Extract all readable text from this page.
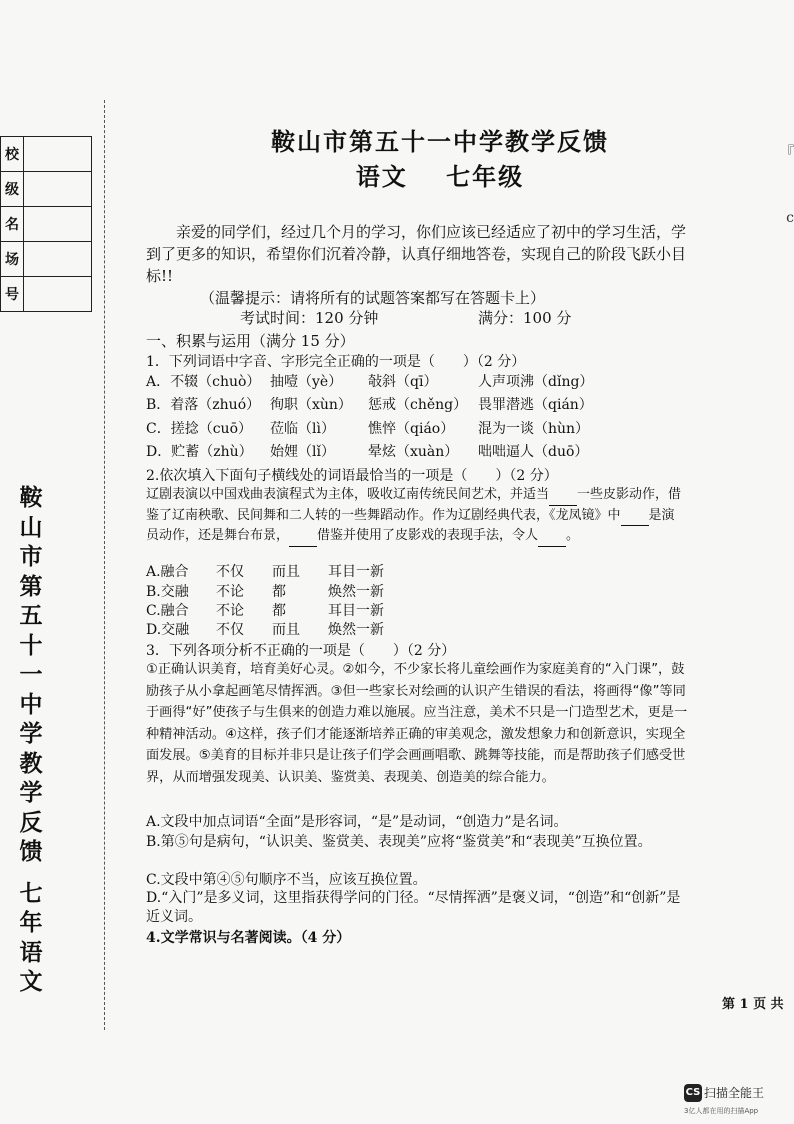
校	
级	
名	
场	
号	
鞍山市第五十一中学教学反馈
七年语文
『
c
鞍山市第五十一中学教学反馈
语文 七年级
亲爱的同学们，经过几个月的学习，你们应该已经适应了初中的学习生活，学到了更多的知识，希望你们沉着冷静，认真仔细地答卷，实现自己的阶段飞跃小目标!!
（温馨提示：请将所有的试题答案都写在答题卡上）
考试时间：120 分钟	满分：100 分
一、积累与运用（满分 15 分）
1．下列词语中字音、字形完全正确的一项是（　　）（2 分）
A．不辍（chuò） 抽噎（yè） 敧斜（qī）	人声项沸（dǐng）
B．着落（zhuó） 徇职（xùn） 惩戒（chěng） 畏罪潜逃（qián）
C．搓捻（cuō） 莅临（lì） 憔悴（qiáo） 混为一谈（hùn）
D．贮蓄（zhù） 始娌（lǐ） 晕炫（xuàn） 咄咄逼人（duō）
2.依次填入下面句子横线处的词语最恰当的一项是（　　）（2 分）
辽剧表演以中国戏曲表演程式为主体，吸收辽南传统民间艺术，并适当 一些皮影动作，借鉴了辽南秧歌、民间舞和二人转的一些舞蹈动作。作为辽剧经典代表，《龙凤镜》中 是演员动作，还是舞台布景， 借鉴并使用了皮影戏的表现手法，令人 。
A.融合 不仅 而且 耳目一新
B.交融 不论 都	焕然一新
C.融合 不论 都	耳目一新
D.交融 不仅 而且 焕然一新
3．下列各项分析不正确的一项是（　　）（2 分）
①正确认识美育，培育美好心灵。②如今，不少家长将儿童绘画作为家庭美育的“入门课”，鼓励孩子从小拿起画笔尽情挥洒。③但一些家长对绘画的认识产生错误的看法，将画得“像”等同于画得“好”使孩子与生俱来的创造力难以施展。应当注意，美术不只是一门造型艺术，更是一种精神活动。④这样，孩子们才能逐渐培养正确的审美观念，激发想象力和创新意识，实现全面发展。⑤美育的目标并非只是让孩子们学会画画唱歌、跳舞等技能，而是帮助孩子们感受世界，从而增强发现美、认识美、鉴赏美、表现美、创造美的综合能力。
A.文段中加点词语“全面”是形容词，“是”是动词，“创造力”是名词。
B.第⑤句是病句，“认识美、鉴赏美、表现美”应将“鉴赏美”和“表现美”互换位置。
C.文段中第④⑤句顺序不当，应该互换位置。
D.“入门”是多义词，这里指获得学问的门径。“尽情挥洒”是褒义词，“创造”和“创新”是近义词。
4.文学常识与名著阅读。（4 分）
第 1 页 共
CS 扫描全能王
3亿人都在用的扫描App
